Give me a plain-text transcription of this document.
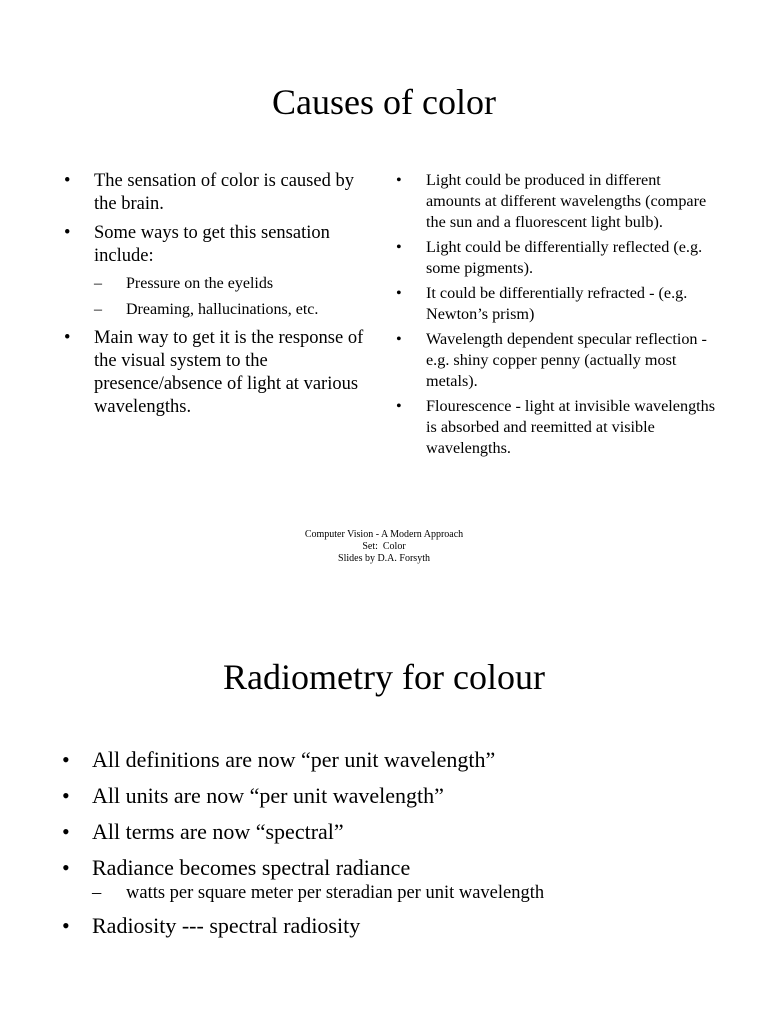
Causes of color
• The sensation of color is caused by the brain.
• Some ways to get this sensation include:
– Pressure on the eyelids
– Dreaming, hallucinations, etc.
• Main way to get it is the response of the visual system to the presence/absence of light at various wavelengths.
• Light could be produced in different amounts at different wavelengths (compare the sun and a fluorescent light bulb).
• Light could be differentially reflected (e.g. some pigments).
• It could be differentially refracted - (e.g. Newton’s prism)
• Wavelength dependent specular reflection - e.g. shiny copper penny (actually most metals).
• Flourescence - light at invisible wavelengths is absorbed and reemitted at visible wavelengths.
Computer Vision - A Modern Approach
Set:  Color
Slides by D.A. Forsyth
Radiometry for colour
• All definitions are now “per unit wavelength”
• All units are now “per unit wavelength”
• All terms are now “spectral”
• Radiance becomes spectral radiance
– watts per square meter per steradian per unit wavelength
• Radiosity --- spectral radiosity
